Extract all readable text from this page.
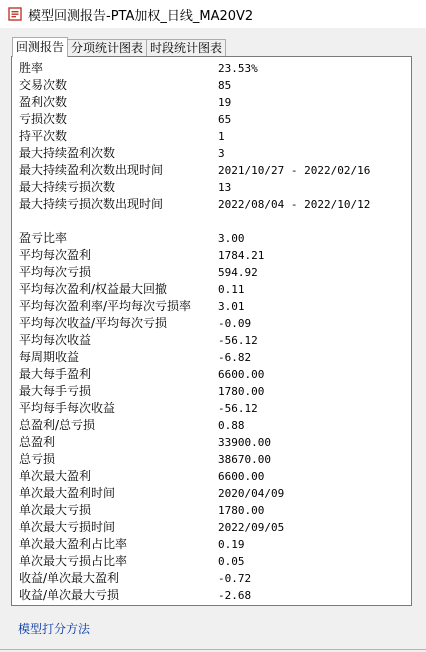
模型回测报告-PTA加权_日线_MA20V2
回测报告 分项统计图表 时段统计图表
胜率	23.53%
交易次数	85
盈利次数	19
亏损次数	65
持平次数	1
最大持续盈利次数	3
最大持续盈利次数出现时间	2021/10/27 - 2022/02/16
最大持续亏损次数	13
最大持续亏损次数出现时间	2022/08/04 - 2022/10/12
盈亏比率	3.00
平均每次盈利	1784.21
平均每次亏损	594.92
平均每次盈利/权益最大回撤	0.11
平均每次盈利率/平均每次亏损率	3.01
平均每次收益/平均每次亏损	-0.09
平均每次收益	-56.12
每周期收益	-6.82
最大每手盈利	6600.00
最大每手亏损	1780.00
平均每手每次收益	-56.12
总盈利/总亏损	0.88
总盈利	33900.00
总亏损	38670.00
单次最大盈利	6600.00
单次最大盈利时间	2020/04/09
单次最大亏损	1780.00
单次最大亏损时间	2022/09/05
单次最大盈利占比率	0.19
单次最大亏损占比率	0.05
收益/单次最大盈利	-0.72
收益/单次最大亏损	-2.68
模型打分方法
